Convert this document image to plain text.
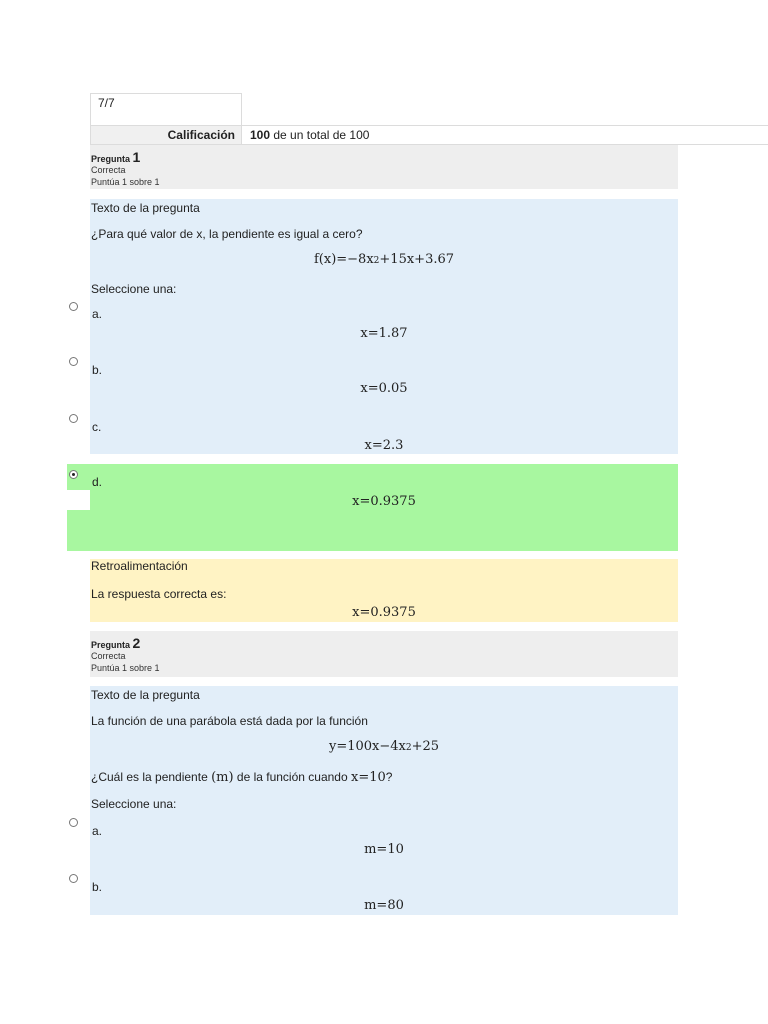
7/7
Calificación 100 de un total de 100
Pregunta 1
Correcta
Puntúa 1 sobre 1
Texto de la pregunta
¿Para qué valor de x, la pendiente es igual a cero?
f(x)=−8x2+15x+3.67
Seleccione una:
a.
x=1.87
b.
x=0.05
c.
x=2.3
d.
x=0.9375
Retroalimentación
La respuesta correcta es:
x=0.9375
Pregunta 2
Correcta
Puntúa 1 sobre 1
Texto de la pregunta
La función de una parábola está dada por la función
y=100x−4x2+25
¿Cuál es la pendiente (m) de la función cuando x=10?
Seleccione una:
a.
m=10
b.
m=80
